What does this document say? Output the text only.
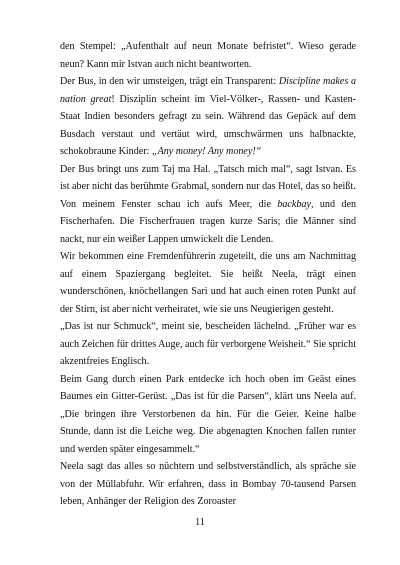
den Stempel: „Aufenthalt auf neun Monate befristet“. Wieso gerade neun? Kann mir Istvan auch nicht beantworten.

Der Bus, in den wir umsteigen, trägt ein Transparent: Discipline makes a nation great! Disziplin scheint im Viel-Völker-, Rassen- und Kasten-Staat Indien besonders gefragt zu sein. Während das Gepäck auf dem Busdach verstaut und vertäut wird, umschwärmen uns halbnackte, schokobraune Kinder: „Any money! Any money!“

Der Bus bringt uns zum Taj ma Hal. „Tatsch mich mal“, sagt Istvan. Es ist aber nicht das berühmte Grabmal, sondern nur das Hotel, das so heißt.

Von meinem Fenster schau ich aufs Meer, die backbay, und den Fischerhafen. Die Fischerfrauen tragen kurze Saris; die Männer sind nackt, nur ein weißer Lappen umwickelt die Lenden.

Wir bekommen eine Fremdenführerin zugeteilt, die uns am Nachmittag auf einem Spaziergang begleitet. Sie heißt Neela, trägt einen wunderschönen, knöchellangen Sari und hat auch einen roten Punkt auf der Stirn, ist aber nicht verheiratet, wie sie uns Neugierigen gesteht.

„Das ist nur Schmuck“, meint sie, bescheiden lächelnd. „Früher war es auch Zeichen für drittes Auge, auch für verborgene Weisheit.“ Sie spricht akzentfreies Englisch.

Beim Gang durch einen Park entdecke ich hoch oben im Geäst eines Baumes ein Gitter-Gerüst. „Das ist für die Parsen“, klärt uns Neela auf. „Die bringen ihre Verstorbenen da hin. Für die Geier. Keine halbe Stunde, dann ist die Leiche weg. Die abgenagten Knochen fallen runter und werden später eingesammelt.“

Neela sagt das alles so nüchtern und selbstverständlich, als spräche sie von der Müllabfuhr. Wir erfahren, dass in Bombay 70-tausend Parsen leben, Anhänger der Religion des Zoroaster

11
